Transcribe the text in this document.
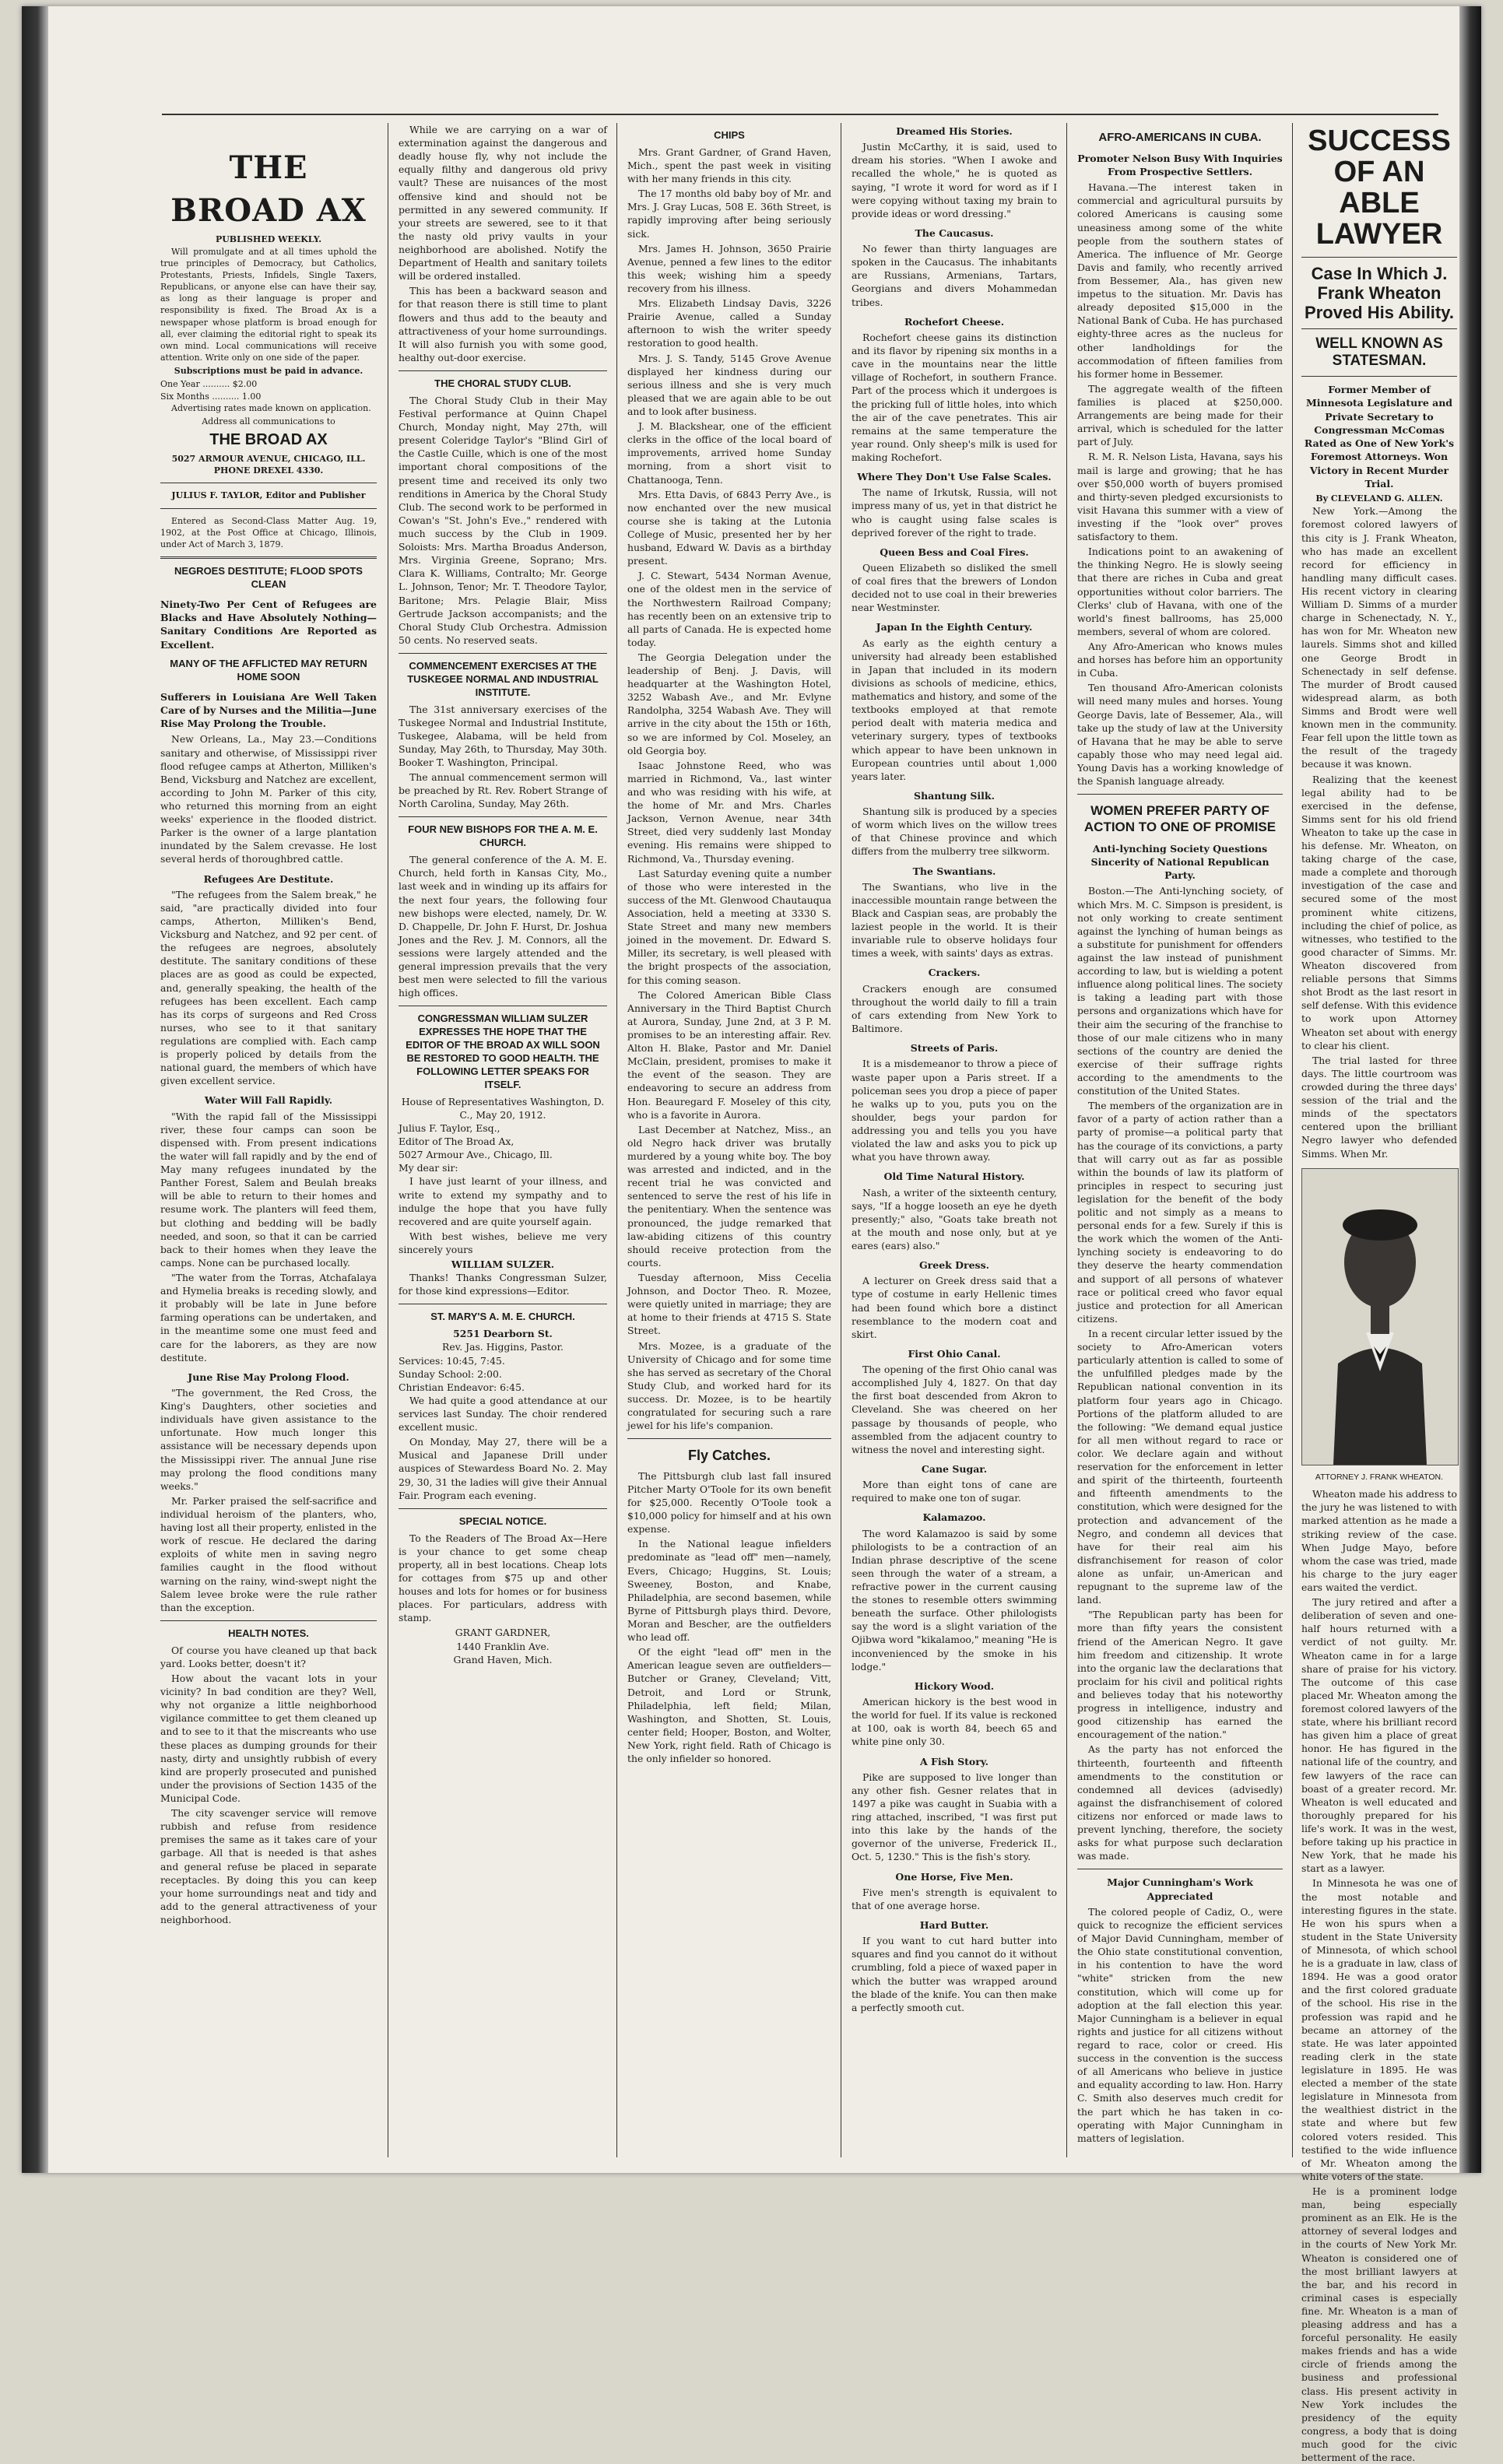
THE BROAD AX
PUBLISHED WEEKLY.

Will promulgate and at all times uphold the true principles of Democracy, but Catholics, Protestants, Priests, Infidels, Single Taxers, Republicans, or anyone else can have their say, as long as their language is proper and responsibility is fixed. The Broad Ax is a newspaper whose platform is broad enough for all, ever claiming the editorial right to speak its own mind. Local communications will receive attention. Write only on one side of the paper.

Subscriptions must be paid in advance.

One Year .......... $2.00
Six Months .......... 1.00

Advertising rates made known on application.

Address all communications to
THE BROAD AX
5027 ARMOUR AVENUE, CHICAGO, ILL.
PHONE DREXEL 4330.
JULIUS F. TAYLOR, Editor and Publisher

Entered as Second-Class Matter Aug. 19, 1902, at the Post Office at Chicago, Illinois, under Act of March 3, 1879.

NEGROES DESTITUTE; FLOOD SPOTS CLEAN
Ninety-Two Per Cent of Refugees are Blacks and Have Absolutely Nothing—Sanitary Conditions Are Reported as Excellent.
MANY OF THE AFFLICTED MAY RETURN HOME SOON
Sufferers in Louisiana Are Well Taken Care of by Nurses and the Militia—June Rise May Prolong the Trouble.

New Orleans, La., May 23.—Conditions sanitary and otherwise, of Mississippi river flood refugee camps at Atherton, Milliken's Bend, Vicksburg and Natchez are excellent, according to John M. Parker of this city, who returned this morning from an eight weeks' experience in the flooded district. Parker is the owner of a large plantation inundated by the Salem crevasse. He lost several herds of thoroughbred cattle.

Refugees Are Destitute.

"The refugees from the Salem break," he said, "are practically divided into four camps, Atherton, Milliken's Bend, Vicksburg and Natchez, and 92 per cent. of the refugees are negroes, absolutely destitute. The sanitary conditions of these places are as good as could be expected, and, generally speaking, the health of the refugees has been excellent. Each camp has its corps of surgeons and Red Cross nurses, who see to it that sanitary regulations are complied with. Each camp is properly policed by details from the national guard, the members of which have given excellent service.

Water Will Fall Rapidly.

"With the rapid fall of the Mississippi river, these four camps can soon be dispensed with. From present indications the water will fall rapidly and by the end of May many refugees inundated by the Panther Forest, Salem and Beulah breaks will be able to return to their homes and resume work. The planters will feed them, but clothing and bedding will be badly needed, and soon, so that it can be carried back to their homes when they leave the camps. None can be purchased locally.

"The water from the Torras, Atchafalaya and Hymelia breaks is receding slowly, and it probably will be late in June before farming operations can be undertaken, and in the meantime some one must feed and care for the laborers, as they are now destitute.

June Rise May Prolong Flood.

"The government, the Red Cross, the King's Daughters, other societies and individuals have given assistance to the unfortunate. How much longer this assistance will be necessary depends upon the Mississippi river. The annual June rise may prolong the flood conditions many weeks."

Mr. Parker praised the self-sacrifice and individual heroism of the planters, who, having lost all their property, enlisted in the work of rescue. He declared the daring exploits of white men in saving negro families caught in the flood without warning on the rainy, wind-swept night the Salem levee broke were the rule rather than the exception.

HEALTH NOTES.

Of course you have cleaned up that back yard. Looks better, doesn't it?

How about the vacant lots in your vicinity? In bad condition are they? Well, why not organize a little neighborhood vigilance committee to get them cleaned up and to see to it that the miscreants who use these places as dumping grounds for their nasty, dirty and unsightly rubbish of every kind are properly prosecuted and punished under the provisions of Section 1435 of the Municipal Code.

The city scavenger service will remove rubbish and refuse from residence premises the same as it takes care of your garbage. All that is needed is that ashes and general refuse be placed in separate receptacles. By doing this you can keep your home surroundings neat and tidy and add to the general attractiveness of your neighborhood.

While we are carrying on a war of extermination against the dangerous and deadly house fly, why not include the equally filthy and dangerous old privy vault? These are nuisances of the most offensive kind and should not be permitted in any sewered community. If your streets are sewered, see to it that the nasty old privy vaults in your neighborhood are abolished. Notify the Department of Health and sanitary toilets will be ordered installed.

This has been a backward season and for that reason there is still time to plant flowers and thus add to the beauty and attractiveness of your home surroundings. It will also furnish you with some good, healthy out-door exercise.

THE CHORAL STUDY CLUB.

The Choral Study Club in their May Festival performance at Quinn Chapel Church, Monday night, May 27th, will present Coleridge Taylor's "Blind Girl of the Castle Cuille, which is one of the most important choral compositions of the present time and received its only two renditions in America by the Choral Study Club. The second work to be performed in Cowan's "St. John's Eve.," rendered with much success by the Club in 1909. Soloists: Mrs. Martha Broadus Anderson, Mrs. Virginia Greene, Soprano; Mrs. Clara K. Williams, Contralto; Mr. George L. Johnson, Tenor; Mr. T. Theodore Taylor, Baritone; Mrs. Pelagie Blair, Miss Gertrude Jackson accompanists; and the Choral Study Club Orchestra. Admission 50 cents. No reserved seats.

COMMENCEMENT EXERCISES AT THE TUSKEGEE NORMAL AND INDUSTRIAL INSTITUTE.

The 31st anniversary exercises of the Tuskegee Normal and Industrial Institute, Tuskegee, Alabama, will be held from Sunday, May 26th, to Thursday, May 30th. Booker T. Washington, Principal.

The annual commencement sermon will be preached by Rt. Rev. Robert Strange of North Carolina, Sunday, May 26th.

FOUR NEW BISHOPS FOR THE A. M. E. CHURCH.

The general conference of the A. M. E. Church, held forth in Kansas City, Mo., last week and in winding up its affairs for the next four years, the following four new bishops were elected, namely, Dr. W. D. Chappelle, Dr. John F. Hurst, Dr. Joshua Jones and the Rev. J. M. Connors, all the sessions were largely attended and the general impression prevails that the very best men were selected to fill the various high offices.

CONGRESSMAN WILLIAM SULZER EXPRESSES THE HOPE THAT THE EDITOR OF THE BROAD AX WILL SOON BE RESTORED TO GOOD HEALTH. THE FOLLOWING LETTER SPEAKS FOR ITSELF.
House of Representatives Washington, D. C., May 20, 1912.
Julius F. Taylor, Esq.,
Editor of The Broad Ax,
5027 Armour Ave., Chicago, Ill.
My dear sir:

I have just learnt of your illness, and write to extend my sympathy and to indulge the hope that you have fully recovered and are quite yourself again.

With best wishes, believe me very sincerely yours

WILLIAM SULZER.

Thanks! Thanks Congressman Sulzer, for those kind expressions—Editor.

ST. MARY'S A. M. E. CHURCH.
5251 Dearborn St.
Rev. Jas. Higgins, Pastor.
Services: 10:45, 7:45.
Sunday School: 2:00.
Christian Endeavor: 6:45.

We had quite a good attendance at our services last Sunday. The choir rendered excellent music.

On Monday, May 27, there will be a Musical and Japanese Drill under auspices of Stewardess Board No. 2. May 29, 30, 31 the ladies will give their Annual Fair. Program each evening.

SPECIAL NOTICE.

To the Readers of The Broad Ax—Here is your chance to get some cheap property, all in best locations. Cheap lots for cottages from $75 up and other houses and lots for homes or for business places. For particulars, address with stamp.

GRANT GARDNER,
1440 Franklin Ave.
Grand Haven, Mich.
CHIPS

Mrs. Grant Gardner, of Grand Haven, Mich., spent the past week in visiting with her many friends in this city.

The 17 months old baby boy of Mr. and Mrs. J. Gray Lucas, 508 E. 36th Street, is rapidly improving after being seriously sick.

Mrs. James H. Johnson, 3650 Prairie Avenue, penned a few lines to the editor this week; wishing him a speedy recovery from his illness.

Mrs. Elizabeth Lindsay Davis, 3226 Prairie Avenue, called a Sunday afternoon to wish the writer speedy restoration to good health.

Mrs. J. S. Tandy, 5145 Grove Avenue displayed her kindness during our serious illness and she is very much pleased that we are again able to be out and to look after business.

J. M. Blackshear, one of the efficient clerks in the office of the local board of improvements, arrived home Sunday morning, from a short visit to Chattanooga, Tenn.

Mrs. Etta Davis, of 6843 Perry Ave., is now enchanted over the new musical course she is taking at the Lutonia College of Music, presented her by her husband, Edward W. Davis as a birthday present.

J. C. Stewart, 5434 Norman Avenue, one of the oldest men in the service of the Northwestern Railroad Company; has recently been on an extensive trip to all parts of Canada. He is expected home today.

The Georgia Delegation under the leadership of Benj. J. Davis, will headquarter at the Washington Hotel, 3252 Wabash Ave., and Mr. Evlyne Randolpha, 3254 Wabash Ave. They will arrive in the city about the 15th or 16th, so we are informed by Col. Moseley, an old Georgia boy.

Isaac Johnstone Reed, who was married in Richmond, Va., last winter and who was residing with his wife, at the home of Mr. and Mrs. Charles Jackson, Vernon Avenue, near 34th Street, died very suddenly last Monday evening. His remains were shipped to Richmond, Va., Thursday evening.

Last Saturday evening quite a number of those who were interested in the success of the Mt. Glenwood Chautauqua Association, held a meeting at 3330 S. State Street and many new members joined in the movement. Dr. Edward S. Miller, its secretary, is well pleased with the bright prospects of the association, for this coming season.

The Colored American Bible Class Anniversary in the Third Baptist Church at Aurora, Sunday, June 2nd, at 3 P. M. promises to be an interesting affair. Rev. Alton H. Blake, Pastor and Mr. Daniel McClain, president, promises to make it the event of the season. They are endeavoring to secure an address from Hon. Beauregard F. Moseley of this city, who is a favorite in Aurora.

Last December at Natchez, Miss., an old Negro hack driver was brutally murdered by a young white boy. The boy was arrested and indicted, and in the recent trial he was convicted and sentenced to serve the rest of his life in the penitentiary. When the sentence was pronounced, the judge remarked that law-abiding citizens of this country should receive protection from the courts.

Tuesday afternoon, Miss Cecelia Johnson, and Doctor Theo. R. Mozee, were quietly united in marriage; they are at home to their friends at 4715 S. State Street.

Mrs. Mozee, is a graduate of the University of Chicago and for some time she has served as secretary of the Choral Study Club, and worked hard for its success. Dr. Mozee, is to be heartily congratulated for securing such a rare jewel for his life's companion.

Fly Catches.

The Pittsburgh club last fall insured Pitcher Marty O'Toole for its own benefit for $25,000. Recently O'Toole took a $10,000 policy for himself and at his own expense.

In the National league infielders predominate as "lead off" men—namely, Evers, Chicago; Huggins, St. Louis; Sweeney, Boston, and Knabe, Philadelphia, are second basemen, while Byrne of Pittsburgh plays third. Devore, Moran and Bescher, are the outfielders who lead off.

Of the eight "lead off" men in the American league seven are outfielders—Butcher or Graney, Cleveland; Vitt, Detroit, and Lord or Strunk, Philadelphia, left field; Milan, Washington, and Shotten, St. Louis, center field; Hooper, Boston, and Wolter, New York, right field. Rath of Chicago is the only infielder so honored.

Dreamed His Stories.

Justin McCarthy, it is said, used to dream his stories. "When I awoke and recalled the whole," he is quoted as saying, "I wrote it word for word as if I were copying without taxing my brain to provide ideas or word dressing."

The Caucasus.

No fewer than thirty languages are spoken in the Caucasus. The inhabitants are Russians, Armenians, Tartars, Georgians and divers Mohammedan tribes.

Rochefort Cheese.

Rochefort cheese gains its distinction and its flavor by ripening six months in a cave in the mountains near the little village of Rochefort, in southern France. Part of the process which it undergoes is the pricking full of little holes, into which the air of the cave penetrates. This air remains at the same temperature the year round. Only sheep's milk is used for making Rochefort.

Where They Don't Use False Scales.

The name of Irkutsk, Russia, will not impress many of us, yet in that district he who is caught using false scales is deprived forever of the right to trade.

Queen Bess and Coal Fires.

Queen Elizabeth so disliked the smell of coal fires that the brewers of London decided not to use coal in their breweries near Westminster.

Japan In the Eighth Century.

As early as the eighth century a university had already been established in Japan that included in its modern divisions as schools of medicine, ethics, mathematics and history, and some of the textbooks employed at that remote period dealt with materia medica and veterinary surgery, types of textbooks which appear to have been unknown in European countries until about 1,000 years later.

Shantung Silk.

Shantung silk is produced by a species of worm which lives on the willow trees of that Chinese province and which differs from the mulberry tree silkworm.

The Swantians.

The Swantians, who live in the inaccessible mountain range between the Black and Caspian seas, are probably the laziest people in the world. It is their invariable rule to observe holidays four times a week, with saints' days as extras.

Crackers.

Crackers enough are consumed throughout the world daily to fill a train of cars extending from New York to Baltimore.

Streets of Paris.

It is a misdemeanor to throw a piece of waste paper upon a Paris street. If a policeman sees you drop a piece of paper he walks up to you, puts you on the shoulder, begs your pardon for addressing you and tells you you have violated the law and asks you to pick up what you have thrown away.

Old Time Natural History.

Nash, a writer of the sixteenth century, says, "If a hogge looseth an eye he dyeth presently;" also, "Goats take breath not at the mouth and nose only, but at ye eares (ears) also."

Greek Dress.

A lecturer on Greek dress said that a type of costume in early Hellenic times had been found which bore a distinct resemblance to the modern coat and skirt.

First Ohio Canal.

The opening of the first Ohio canal was accomplished July 4, 1827. On that day the first boat descended from Akron to Cleveland. She was cheered on her passage by thousands of people, who assembled from the adjacent country to witness the novel and interesting sight.

Cane Sugar.

More than eight tons of cane are required to make one ton of sugar.

Kalamazoo.

The word Kalamazoo is said by some philologists to be a contraction of an Indian phrase descriptive of the scene seen through the water of a stream, a refractive power in the current causing the stones to resemble otters swimming beneath the surface. Other philologists say the word is a slight variation of the Ojibwa word "kikalamoo," meaning "He is inconvenienced by the smoke in his lodge."

Hickory Wood.

American hickory is the best wood in the world for fuel. If its value is reckoned at 100, oak is worth 84, beech 65 and white pine only 30.

A Fish Story.

Pike are supposed to live longer than any other fish. Gesner relates that in 1497 a pike was caught in Suabia with a ring attached, inscribed, "I was first put into this lake by the hands of the governor of the universe, Frederick II., Oct. 5, 1230." This is the fish's story.

One Horse, Five Men.

Five men's strength is equivalent to that of one average horse.

Hard Butter.

If you want to cut hard butter into squares and find you cannot do it without crumbling, fold a piece of waxed paper in which the butter was wrapped around the blade of the knife. You can then make a perfectly smooth cut.

AFRO-AMERICANS IN CUBA.
Promoter Nelson Busy With Inquiries From Prospective Settlers.

Havana.—The interest taken in commercial and agricultural pursuits by colored Americans is causing some uneasiness among some of the white people from the southern states of America. The influence of Mr. George Davis and family, who recently arrived from Bessemer, Ala., has given new impetus to the situation. Mr. Davis has already deposited $15,000 in the National Bank of Cuba. He has purchased eighty-three acres as the nucleus for other landholdings for the accommodation of fifteen families from his former home in Bessemer.

The aggregate wealth of the fifteen families is placed at $250,000. Arrangements are being made for their arrival, which is scheduled for the latter part of July.

R. M. R. Nelson Lista, Havana, says his mail is large and growing; that he has over $50,000 worth of buyers promised and thirty-seven pledged excursionists to visit Havana this summer with a view of investing if the "look over" proves satisfactory to them.

Indications point to an awakening of the thinking Negro. He is slowly seeing that there are riches in Cuba and great opportunities without color barriers. The Clerks' club of Havana, with one of the world's finest ballrooms, has 25,000 members, several of whom are colored.

Any Afro-American who knows mules and horses has before him an opportunity in Cuba.

Ten thousand Afro-American colonists will need many mules and horses. Young George Davis, late of Bessemer, Ala., will take up the study of law at the University of Havana that he may be able to serve capably those who may need legal aid. Young Davis has a working knowledge of the Spanish language already.

WOMEN PREFER PARTY OF ACTION TO ONE OF PROMISE
Anti-lynching Society Questions Sincerity of National Republican Party.

Boston.—The Anti-lynching society, of which Mrs. M. C. Simpson is president, is not only working to create sentiment against the lynching of human beings as a substitute for punishment for offenders against the law instead of punishment according to law, but is wielding a potent influence along political lines. The society is taking a leading part with those persons and organizations which have for their aim the securing of the franchise to those of our male citizens who in many sections of the country are denied the exercise of their suffrage rights according to the amendments to the constitution of the United States.

The members of the organization are in favor of a party of action rather than a party of promise—a political party that has the courage of its convictions, a party that will carry out as far as possible within the bounds of law its platform of principles in respect to securing just legislation for the benefit of the body politic and not simply as a means to personal ends for a few. Surely if this is the work which the women of the Anti-lynching society is endeavoring to do they deserve the hearty commendation and support of all persons of whatever race or political creed who favor equal justice and protection for all American citizens.

In a recent circular letter issued by the society to Afro-American voters particularly attention is called to some of the unfulfilled pledges made by the Republican national convention in its platform four years ago in Chicago. Portions of the platform alluded to are the following: "We demand equal justice for all men without regard to race or color. We declare again and without reservation for the enforcement in letter and spirit of the thirteenth, fourteenth and fifteenth amendments to the constitution, which were designed for the protection and advancement of the Negro, and condemn all devices that have for their real aim his disfranchisement for reason of color alone as unfair, un-American and repugnant to the supreme law of the land.

"The Republican party has been for more than fifty years the consistent friend of the American Negro. It gave him freedom and citizenship. It wrote into the organic law the declarations that proclaim for his civil and political rights and believes today that his noteworthy progress in intelligence, industry and good citizenship has earned the encouragement of the nation."

As the party has not enforced the thirteenth, fourteenth and fifteenth amendments to the constitution or condemned all devices (advisedly) against the disfranchisement of colored citizens nor enforced or made laws to prevent lynching, therefore, the society asks for what purpose such declaration was made.

Major Cunningham's Work Appreciated

The colored people of Cadiz, O., were quick to recognize the efficient services of Major David Cunningham, member of the Ohio state constitutional convention, in his contention to have the word "white" stricken from the new constitution, which will come up for adoption at the fall election this year. Major Cunningham is a believer in equal rights and justice for all citizens without regard to race, color or creed. His success in the convention is the success of all Americans who believe in justice and equality according to law. Hon. Harry C. Smith also deserves much credit for the part which he has taken in co-operating with Major Cunningham in matters of legislation.

SUCCESS OF AN ABLE LAWYER
Case In Which J. Frank Wheaton Proved His Ability.
WELL KNOWN AS STATESMAN.
Former Member of Minnesota Legislature and Private Secretary to Congressman McComas Rated as One of New York's Foremost Attorneys. Won Victory in Recent Murder Trial.
By CLEVELAND G. ALLEN.

New York.—Among the foremost colored lawyers of this city is J. Frank Wheaton, who has made an excellent record for efficiency in handling many difficult cases. His recent victory in clearing William D. Simms of a murder charge in Schenectady, N. Y., has won for Mr. Wheaton new laurels. Simms shot and killed one George Brodt in Schenectady in self defense. The murder of Brodt caused widespread alarm, as both Simms and Brodt were well known men in the community. Fear fell upon the little town as the result of the tragedy because it was known.

Realizing that the keenest legal ability had to be exercised in the defense, Simms sent for his old friend Wheaton to take up the case in his defense. Mr. Wheaton, on taking charge of the case, made a complete and thorough investigation of the case and secured some of the most prominent white citizens, including the chief of police, as witnesses, who testified to the good character of Simms. Mr. Wheaton discovered from reliable persons that Simms shot Brodt as the last resort in self defense. With this evidence to work upon Attorney Wheaton set about with energy to clear his client.

The trial lasted for three days. The little courtroom was crowded during the three days' session of the trial and the minds of the spectators centered upon the brilliant Negro lawyer who defended Simms. When Mr.

ATTORNEY J. FRANK WHEATON.

Wheaton made his address to the jury he was listened to with marked attention as he made a striking review of the case. When Judge Mayo, before whom the case was tried, made his charge to the jury eager ears waited the verdict.

The jury retired and after a deliberation of seven and one-half hours returned with a verdict of not guilty. Mr. Wheaton came in for a large share of praise for his victory. The outcome of this case placed Mr. Wheaton among the foremost colored lawyers of the state, where his brilliant record has given him a place of great honor. He has figured in the national life of the country, and few lawyers of the race can boast of a greater record. Mr. Wheaton is well educated and thoroughly prepared for his life's work. It was in the west, before taking up his practice in New York, that he made his start as a lawyer.

In Minnesota he was one of the most notable and interesting figures in the state. He won his spurs when a student in the State University of Minnesota, of which school he is a graduate in law, class of 1894. He was a good orator and the first colored graduate of the school. His rise in the profession was rapid and he became an attorney of the state. He was later appointed reading clerk in the state legislature in 1895. He was elected a member of the state legislature in Minnesota from the wealthiest district in the state and where but few colored voters resided. This testified to the wide influence of Mr. Wheaton among the white voters of the state.

He is a prominent lodge man, being especially prominent as an Elk. He is the attorney of several lodges and in the courts of New York Mr. Wheaton is considered one of the most brilliant lawyers at the bar, and his record in criminal cases is especially fine. Mr. Wheaton is a man of pleasing address and has a forceful personality. He easily makes friends and has a wide circle of friends among the business and professional class. His present activity in New York includes the presidency of the equity congress, a body that is doing much good for the civic betterment of the race.
